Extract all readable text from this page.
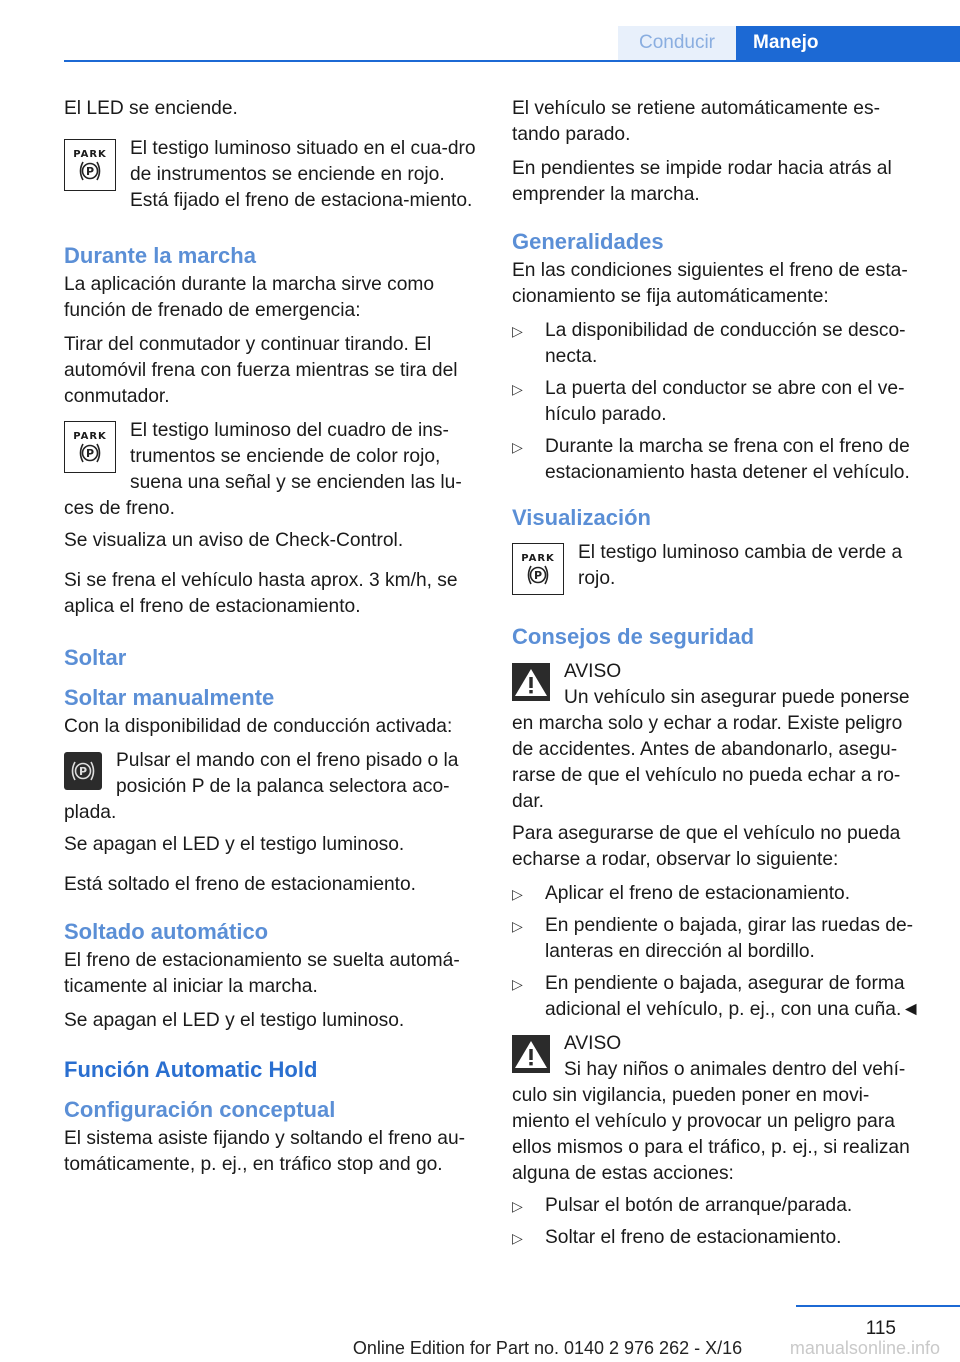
Conducir	Manejo

El LED se enciende.

PARK
P
El testigo luminoso situado en el cua-dro de instrumentos se enciende en rojo. Está fijado el freno de estaciona-miento.
Durante la marcha

La aplicación durante la marcha sirve como función de frenado de emergencia:

Tirar del conmutador y continuar tirando. El automóvil frena con fuerza mientras se tira del conmutador.

PARK
P
El testigo luminoso del cuadro de ins-trumentos se enciende de color rojo, suena una señal y se encienden las lu-ces de freno.

Se visualiza un aviso de Check-Control.

Si se frena el vehículo hasta aprox. 3 km/h, se aplica el freno de estacionamiento.

Soltar
Soltar manualmente

Con la disponibilidad de conducción activada:

P
Pulsar el mando con el freno pisado o la posición P de la palanca selectora aco-plada.

Se apagan el LED y el testigo luminoso.

Está soltado el freno de estacionamiento.

Soltado automático

El freno de estacionamiento se suelta automá-ticamente al iniciar la marcha.

Se apagan el LED y el testigo luminoso.

Función Automatic Hold
Configuración conceptual

El sistema asiste fijando y soltando el freno au-tomáticamente, p. ej., en tráfico stop and go.

El vehículo se retiene automáticamente es-tando parado.

En pendientes se impide rodar hacia atrás al emprender la marcha.

Generalidades

En las condiciones siguientes el freno de esta-cionamiento se fija automáticamente:

▷ La disponibilidad de conducción se desco-necta.
▷ La puerta del conductor se abre con el ve-hículo parado.
▷ Durante la marcha se frena con el freno de estacionamiento hasta detener el vehículo.
Visualización
PARK
P
El testigo luminoso cambia de verde a rojo.
Consejos de seguridad
AVISO
Un vehículo sin asegurar puede ponerse en marcha solo y echar a rodar. Existe peligro de accidentes. Antes de abandonarlo, asegu-rarse de que el vehículo no pueda echar a ro-dar.

Para asegurarse de que el vehículo no pueda echarse a rodar, observar lo siguiente:

▷ Aplicar el freno de estacionamiento.
▷ En pendiente o bajada, girar las ruedas de-lanteras en dirección al bordillo.
▷ En pendiente o bajada, asegurar de forma adicional el vehículo, p. ej., con una cuña.◄
AVISO
Si hay niños o animales dentro del vehí-culo sin vigilancia, pueden poner en movi-miento el vehículo y provocar un peligro para ellos mismos o para el tráfico, p. ej., si realizan alguna de estas acciones:
▷ Pulsar el botón de arranque/parada.
▷ Soltar el freno de estacionamiento.
115
Online Edition for Part no. 0140 2 976 262 - X/16	manualsonline.info
